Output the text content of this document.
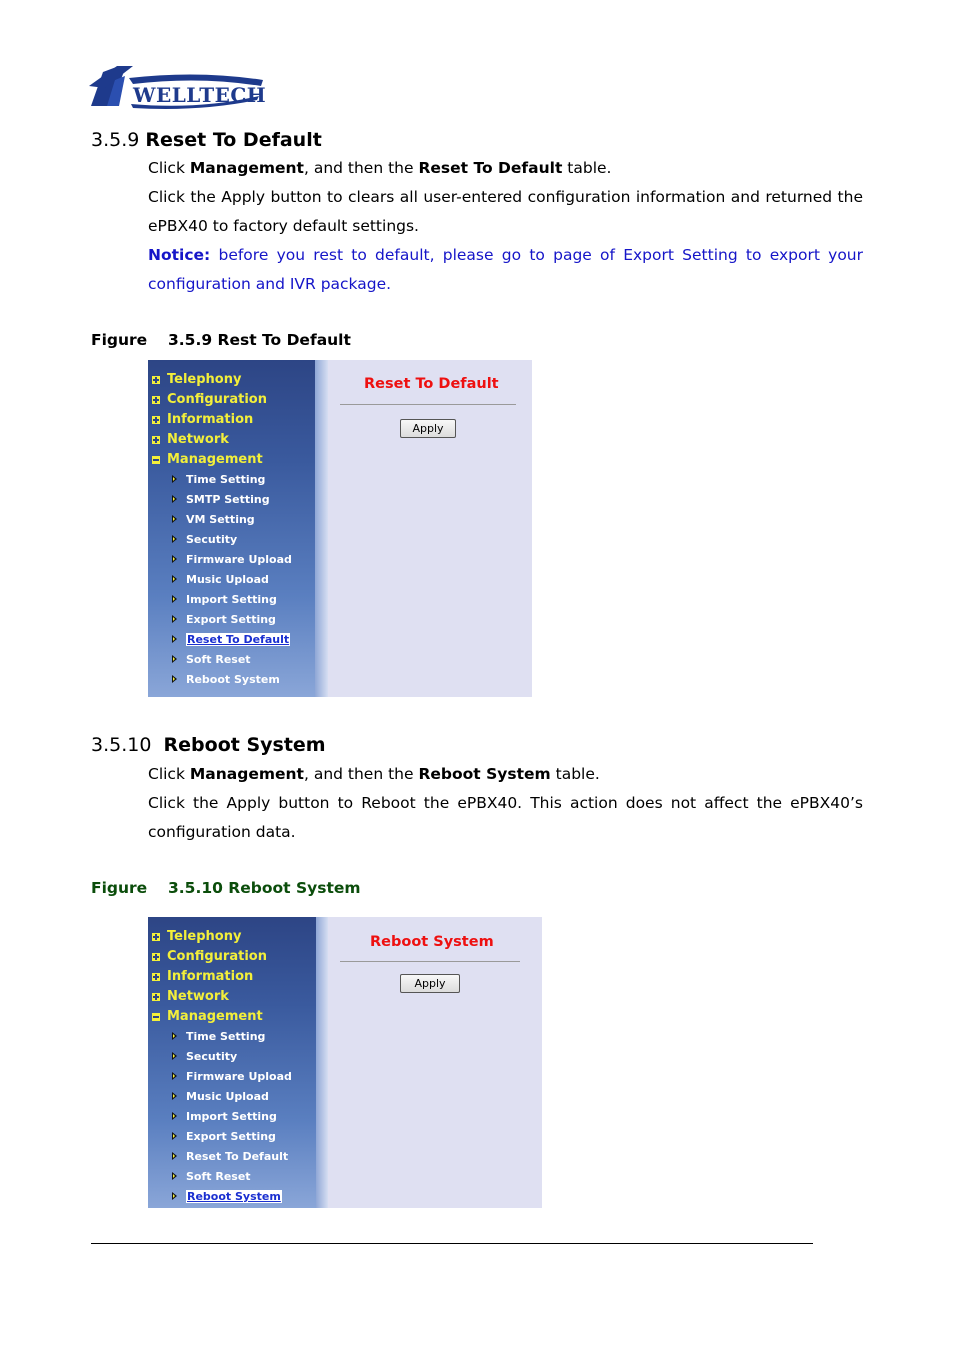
WELLTECH
3.5.9 Reset To Default
Click Management, and then the Reset To Default table.
Click the Apply button to clears all user-entered configuration information and returned the ePBX40 to factory default settings.
Notice: before you rest to default, please go to page of Export Setting to export your configuration and IVR package.
Figure 3.5.9 Rest To Default
Telephony
Configuration
Information
Network
Management
Time Setting
SMTP Setting
VM Setting
Secutity
Firmware Upload
Music Upload
Import Setting
Export Setting
Reset To Default
Soft Reset
Reboot System
Reset To Default
Apply
3.5.10 Reboot System
Click Management, and then the Reboot System table.
Click the Apply button to Reboot the ePBX40. This action does not affect the ePBX40’s configuration data.
Figure 3.5.10 Reboot System
Telephony
Configuration
Information
Network
Management
Time Setting
Secutity
Firmware Upload
Music Upload
Import Setting
Export Setting
Reset To Default
Soft Reset
Reboot System
Reboot System
Apply
